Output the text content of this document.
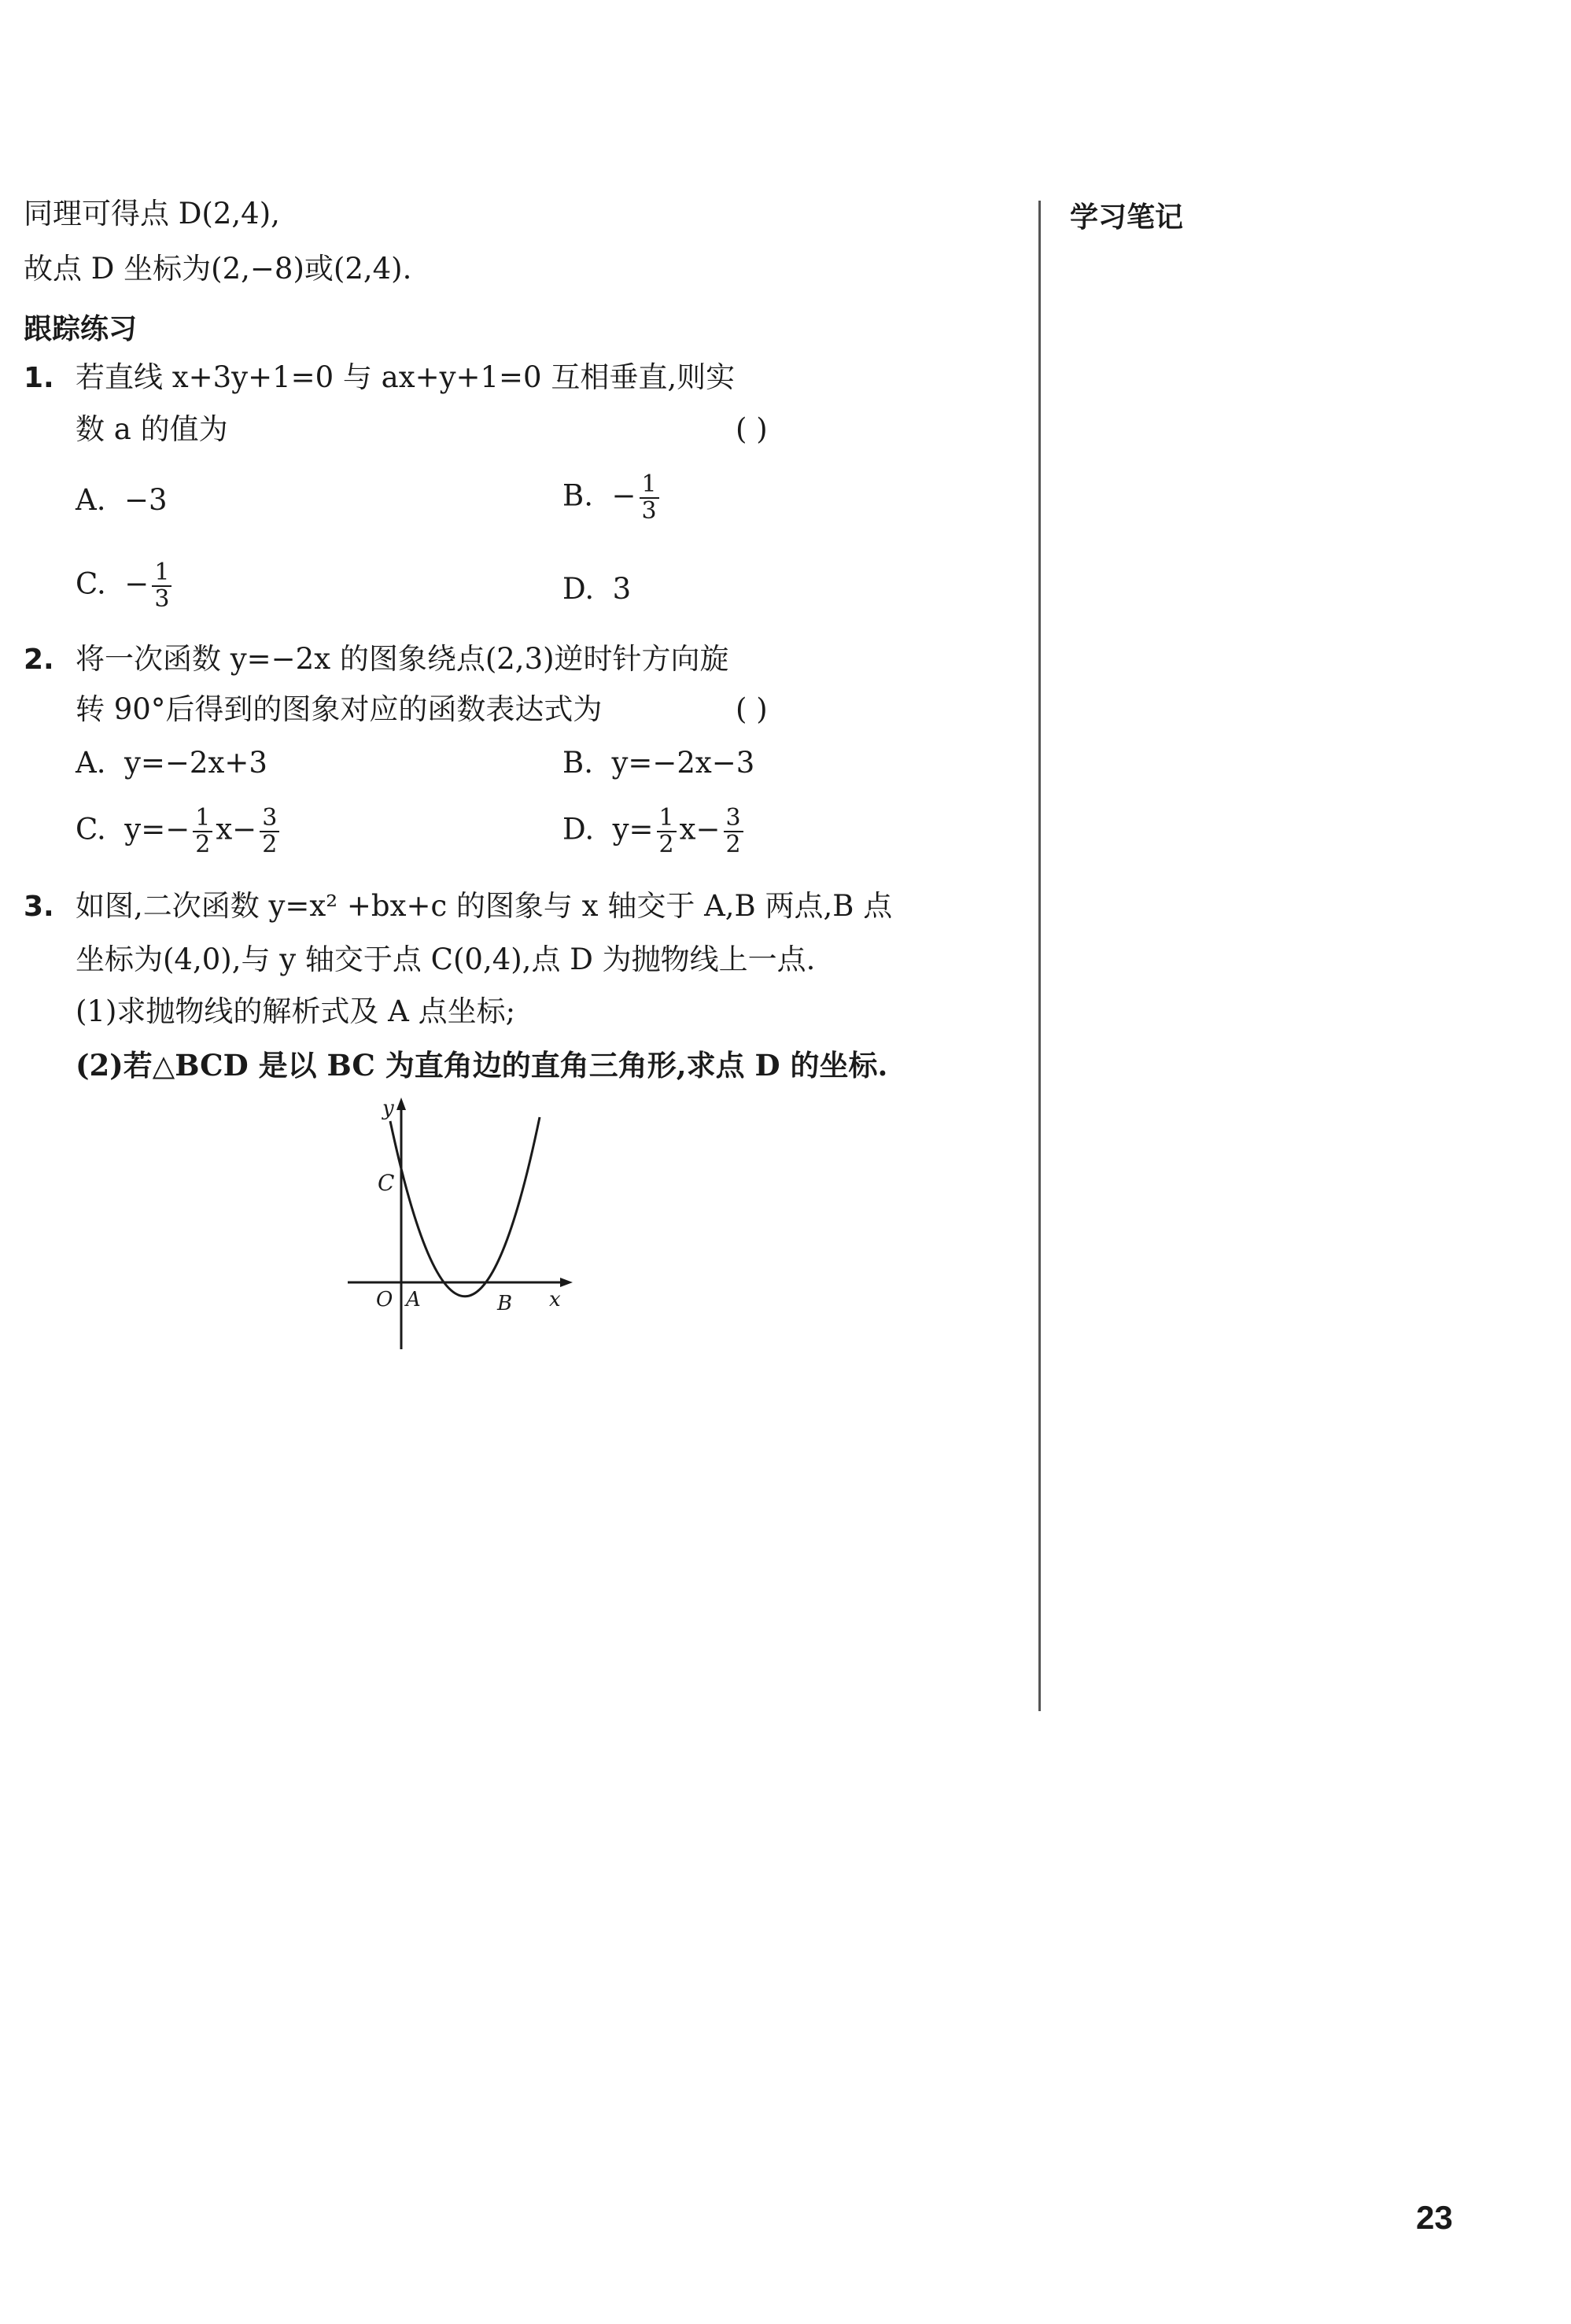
同理可得点 D(2,4),
故点 D 坐标为(2,−8)或(2,4).
跟踪练习
学习笔记
1. 若直线 x+3y+1=0 与 ax+y+1=0 互相垂直,则实
数 a 的值为	( )
A. −3	B. − $\frac{1}{3}$
C. − $\frac{1}{3}$	D. 3
2. 将一次函数 y=−2x 的图象绕点(2,3)逆时针方向旋
转 90°后得到的图象对应的函数表达式为	( )
A. y=−2x+3	B. y=−2x−3
C. $y=- \frac{1}{2} x- \frac{3}{2}$	D. $y= \frac{1}{2} x- \frac{3}{2}$
3. 如图,二次函数 y=x² +bx+c 的图象与 x 轴交于 A,B 两点,B 点
坐标为(4,0),与 y 轴交于点 C(0,4),点 D 为抛物线上一点.
(1)求抛物线的解析式及 A 点坐标;
(2)若△BCD 是以 BC 为直角边的直角三角形,求点 D 的坐标.
y
x
O A	B
C
23
